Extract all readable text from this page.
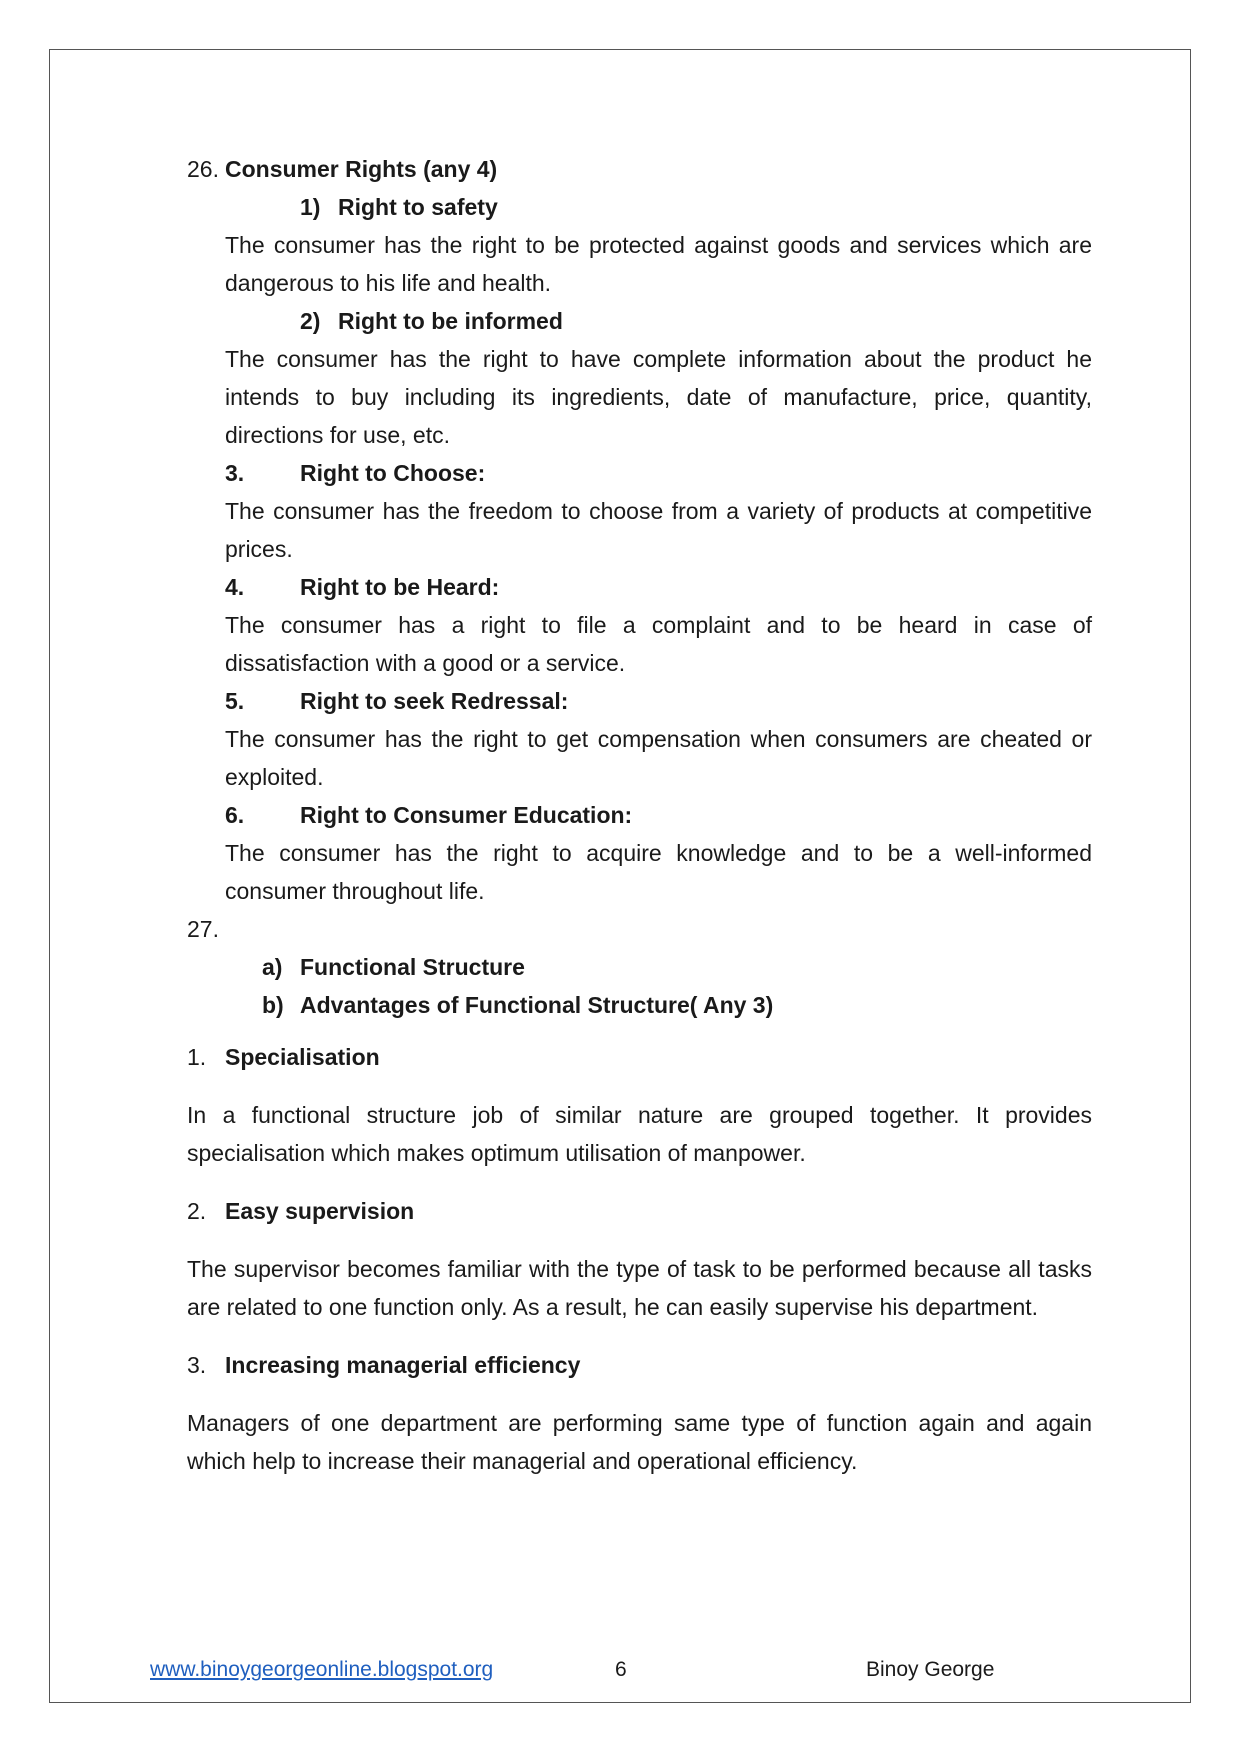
26. Consumer Rights (any 4)
1) Right to safety
The consumer has the right to be protected against goods and services which are dangerous to his life and health.
2) Right to be informed
The consumer has the right to have complete information about the product he intends to buy including its ingredients, date of manufacture, price, quantity, directions for use, etc.
3. Right to Choose:
The consumer has the freedom to choose from a variety of products at competitive prices.
4. Right to be Heard:
The consumer has a right to file a complaint and to be heard in case of dissatisfaction with a good or a service.
5. Right to seek Redressal:
The consumer has the right to get compensation when consumers are cheated or exploited.
6. Right to Consumer Education:
The consumer has the right to acquire knowledge and to be a well-informed consumer throughout life.
27.
a) Functional Structure
b) Advantages of Functional Structure( Any 3)
1. Specialisation
In a functional structure job of similar nature are grouped together. It provides specialisation which makes optimum utilisation of manpower.
2. Easy supervision
The supervisor becomes familiar with the type of task to be performed because all tasks are related to one function only. As a result, he can easily supervise his department.
3. Increasing managerial efficiency
Managers of one department are performing same type of function again and again which help to increase their managerial and operational efficiency.
www.binoygeorgeonline.blogspot.org	6	Binoy George
